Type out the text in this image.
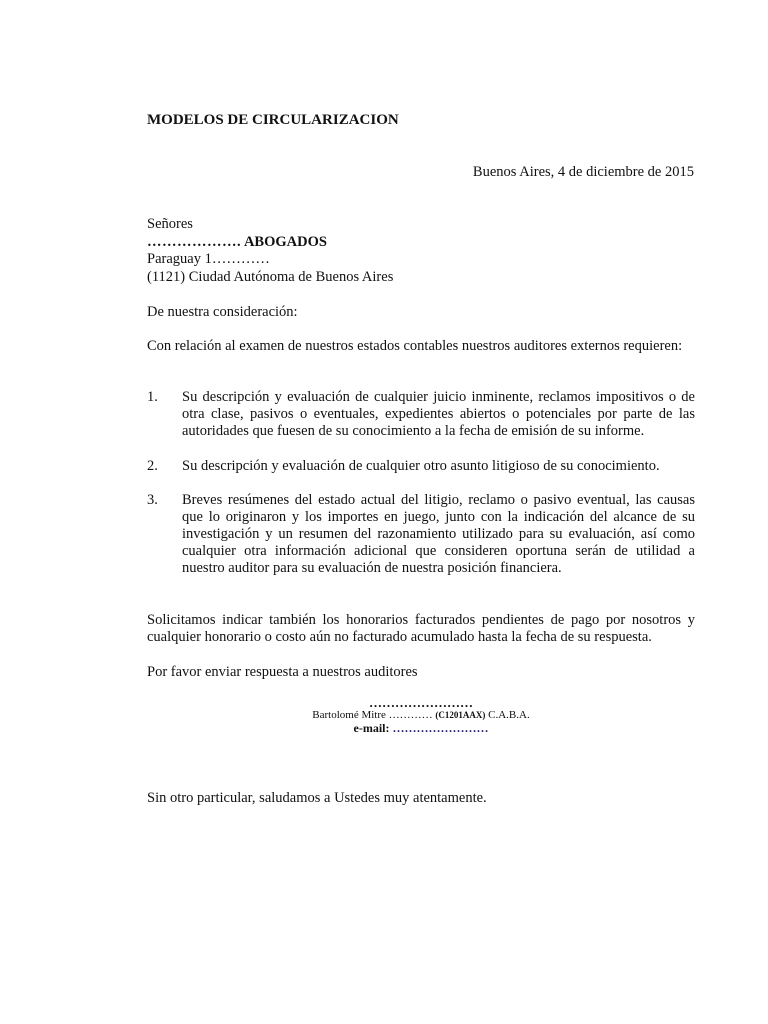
MODELOS DE CIRCULARIZACION
Buenos Aires, 4 de diciembre de 2015
Señores
………………. ABOGADOS
Paraguay 1…………
(1121) Ciudad Autónoma de Buenos Aires
De nuestra consideración:
Con relación al examen de nuestros estados contables nuestros auditores externos requieren:
1.	Su descripción y evaluación de cualquier juicio inminente, reclamos impositivos o de otra clase, pasivos o eventuales, expedientes abiertos o potenciales por parte de las autoridades que fuesen de su conocimiento a la fecha de emisión de su informe.
2.	Su descripción y evaluación de cualquier otro asunto litigioso de su conocimiento.
3.	Breves resúmenes del estado actual del litigio, reclamo o pasivo eventual, las causas que lo originaron y los importes en juego, junto con la indicación del alcance de su investigación y un resumen del razonamiento utilizado para su evaluación, así como cualquier otra información adicional que consideren oportuna serán de utilidad a nuestro auditor para su evaluación de nuestra posición financiera.
Solicitamos indicar también los honorarios facturados pendientes de pago por nosotros y cualquier honorario o costo aún no facturado acumulado hasta la fecha de su respuesta.
Por favor enviar respuesta a nuestros auditores
……………………
Bartolomé Mitre ………… (C1201AAX) C.A.B.A.
e-mail: ……………………
Sin otro particular, saludamos a Ustedes muy atentamente.
